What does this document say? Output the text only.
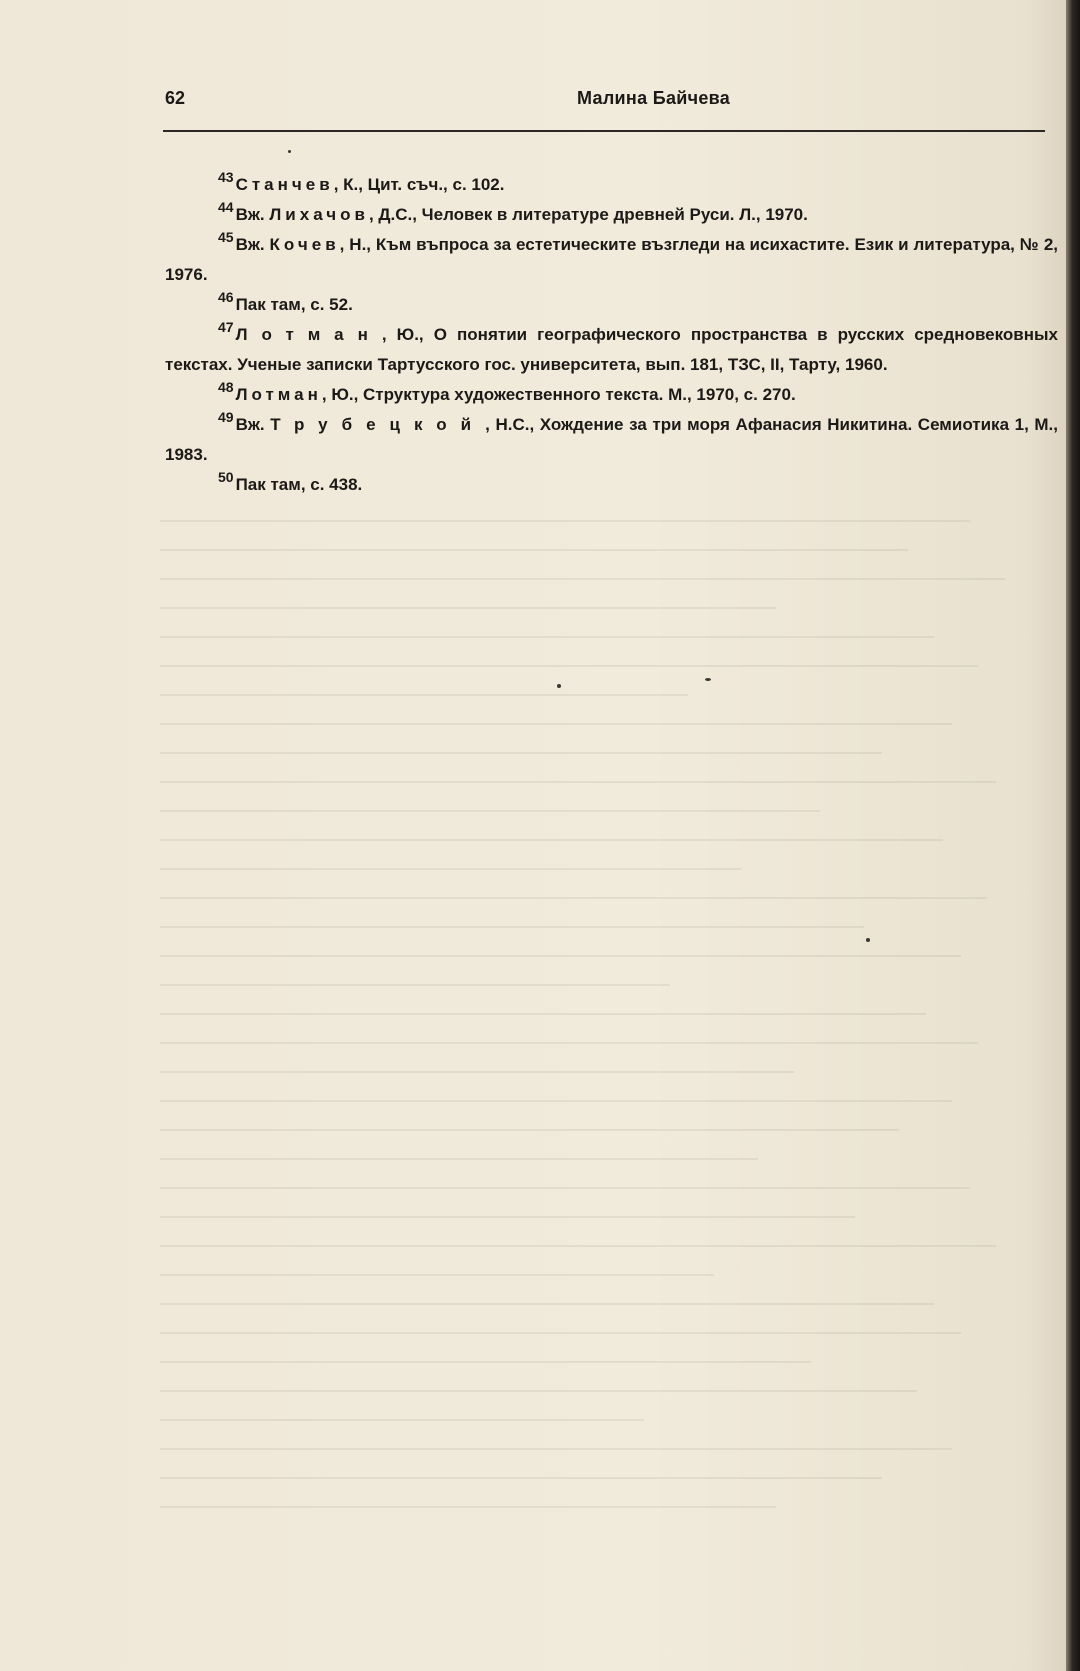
62	Малина Байчева

$^{43}$ Станчев, К., Цит. съч., с. 102.

$^{44}$ Вж. Лихачов, Д.С., Человек в литературе древней Руси. Л., 1970.

$^{45}$ Вж. Кочев, Н., Към въпроса за естетическите възгледи на исихастите. Език и литература, № 2, 1976.

$^{46}$ Пак там, с. 52.

$^{47}$ Лотман, Ю., О понятии географического пространства в русских средновековных текстах. Ученые записки Тартусского гос. университета, вып. 181, ТЗС, II, Тарту, 1960.

$^{48}$ Лотман, Ю., Структура художественного текста. М., 1970, с. 270.

$^{49}$ Вж. Трубецкой, Н.С., Хождение за три моря Афанасия Никитина. Семиотика 1, М., 1983.

$^{50}$ Пак там, с. 438.
